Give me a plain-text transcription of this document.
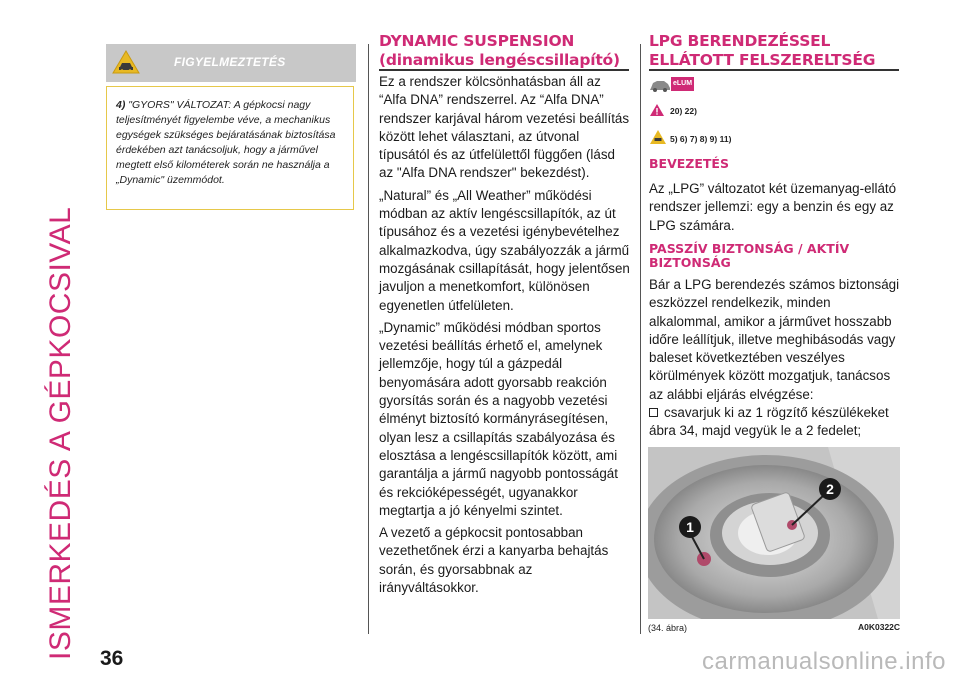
ISMERKEDÉS A GÉPKOCSIVAL
FIGYELMEZTETÉS
4) "GYORS" VÁLTOZAT: A gépkocsi nagy teljesítményét figyelembe véve, a mechanikus egységek szükséges bejáratásának biztosítása érdekében azt tanácsoljuk, hogy a járművel megtett első kilométerek során ne használja a „Dynamic" üzemmódot.
DYNAMIC SUSPENSION
(dinamikus lengéscsillapító)

Ez a rendszer kölcsönhatásban áll az “Alfa DNA” rendszerrel. Az “Alfa DNA” rendszer karjával három vezetési beállítás között lehet választani, az útvonal típusától és az útfelülettől függően (lásd az "Alfa DNA rendszer" bekezdést).

„Natural” és „All Weather” működési módban az aktív lengéscsillapítók, az út típusához és a vezetési igénybevételhez alkalmazkodva, úgy szabályozzák a jármű mozgásának csillapítását, hogy jelentősen javuljon a menetkomfort, különösen egyenetlen útfelületen.

„Dynamic” működési módban sportos vezetési beállítás érhető el, amelynek jellemzője, hogy túl a gázpedál benyomására adott gyorsabb reakción gyorsítás során és a nagyobb vezetési élményt biztosító kormányrásegítésen, olyan lesz a csillapítás szabályozása és elosztása a lengéscsillapítók között, ami garantálja a jármű nagyobb pontosságát és rekcióképességét, ugyanakkor megtartja a jó kényelmi szintet.

A vezető a gépkocsit pontosabban vezethetőnek érzi a kanyarba behajtás során, és gyorsabbnak az irányváltásokkor.

LPG BERENDEZÉSSEL
ELLÁTOTT FELSZERELTSÉG
eLUM
20) 22)
5) 6) 7) 8) 9) 11)
BEVEZETÉS
Az „LPG” változatot két üzemanyag-ellátó rendszer jellemzi: egy a benzin és egy az LPG számára.
PASSZÍV BIZTONSÁG / AKTÍV
BIZTONSÁG
Bár a LPG berendezés számos biztonsági eszközzel rendelkezik, minden alkalommal, amikor a járművet hosszabb időre leállítjuk, illetve meghibásodás vagy baleset következtében veszélyes körülmények között mozgatjuk, tanácsos az alábbi eljárás elvégzése:
csavarjuk ki az 1 rögzítő készülékeket ábra 34, majd vegyük le a 2 fedelet;
2
1
(34. ábra)	A0K0322C
36	carmanualsonline.info
